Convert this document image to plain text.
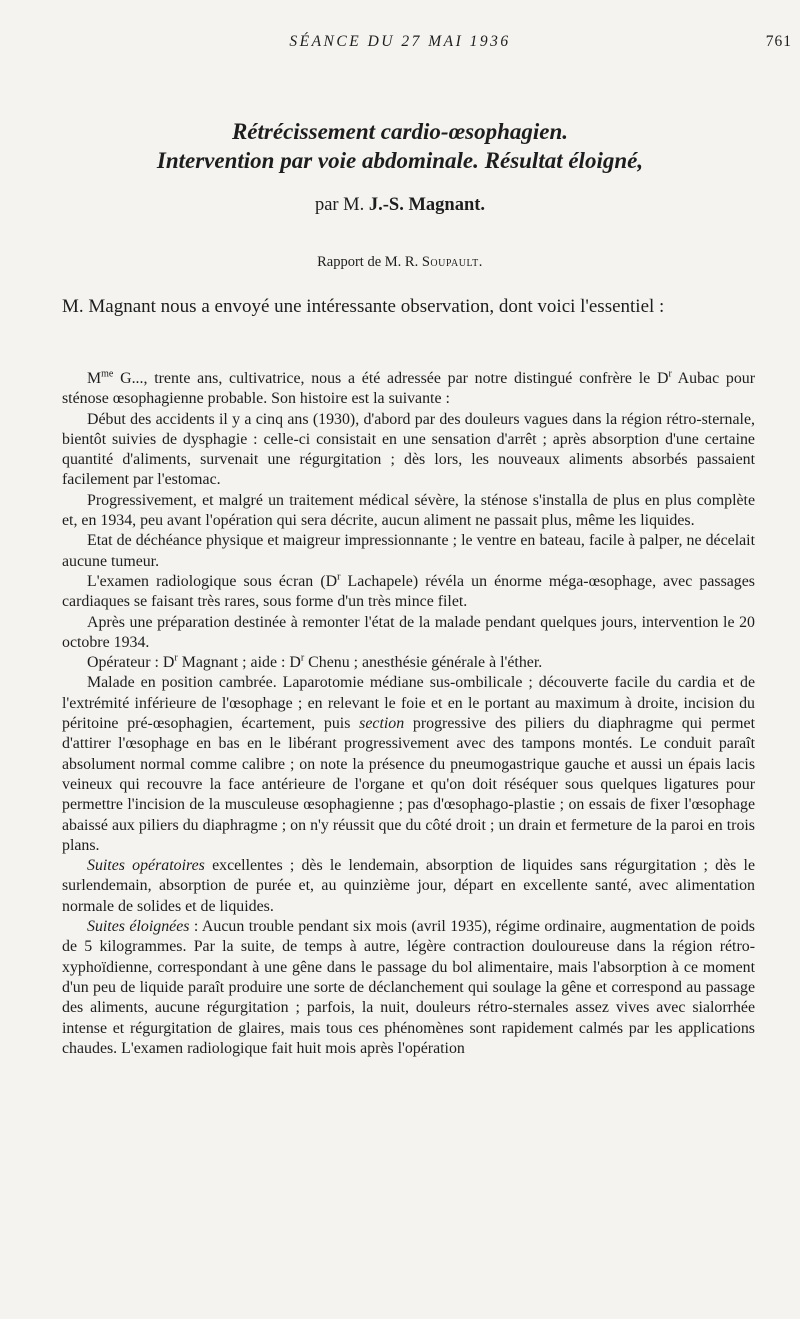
SÉANCE DU 27 MAI 1936	761
Rétrécissement cardio-œsophagien.
Intervention par voie abdominale. Résultat éloigné,
par M. J.-S. Magnant.
Rapport de M. R. Soupault.

M. Magnant nous a envoyé une intéressante observation, dont voici l'essentiel :

$M^{me}$ G..., trente ans, cultivatrice, nous a été adressée par notre distingué confrère le $D^r$ Aubac pour sténose œsophagienne probable. Son histoire est la suivante :

Début des accidents il y a cinq ans (1930), d'abord par des douleurs vagues dans la région rétro-sternale, bientôt suivies de dysphagie : celle-ci consistait en une sensation d'arrêt ; après absorption d'une certaine quantité d'aliments, survenait une régurgitation ; dès lors, les nouveaux aliments absorbés passaient facilement par l'estomac.

Progressivement, et malgré un traitement médical sévère, la sténose s'installa de plus en plus complète et, en 1934, peu avant l'opération qui sera décrite, aucun aliment ne passait plus, même les liquides.

Etat de déchéance physique et maigreur impressionnante ; le ventre en bateau, facile à palper, ne décelait aucune tumeur.

L'examen radiologique sous écran ($D^r$ Lachapele) révéla un énorme méga-œsophage, avec passages cardiaques se faisant très rares, sous forme d'un très mince filet.

Après une préparation destinée à remonter l'état de la malade pendant quelques jours, intervention le 20 octobre 1934.

Opérateur : $D^r$ Magnant ; aide : $D^r$ Chenu ; anesthésie générale à l'éther.

Malade en position cambrée. Laparotomie médiane sus-ombilicale ; découverte facile du cardia et de l'extrémité inférieure de l'œsophage ; en relevant le foie et en le portant au maximum à droite, incision du péritoine pré-œsophagien, écartement, puis section progressive des piliers du diaphragme qui permet d'attirer l'œsophage en bas en le libérant progressivement avec des tampons montés. Le conduit paraît absolument normal comme calibre ; on note la présence du pneumogastrique gauche et aussi un épais lacis veineux qui recouvre la face antérieure de l'organe et qu'on doit réséquer sous quelques ligatures pour permettre l'incision de la musculeuse œsophagienne ; pas d'œsophago-plastie ; on essais de fixer l'œsophage abaissé aux piliers du diaphragme ; on n'y réussit que du côté droit ; un drain et fermeture de la paroi en trois plans.

Suites opératoires excellentes ; dès le lendemain, absorption de liquides sans régurgitation ; dès le surlendemain, absorption de purée et, au quinzième jour, départ en excellente santé, avec alimentation normale de solides et de liquides.

Suites éloignées : Aucun trouble pendant six mois (avril 1935), régime ordinaire, augmentation de poids de 5 kilogrammes. Par la suite, de temps à autre, légère contraction douloureuse dans la région rétro-xyphoïdienne, correspondant à une gêne dans le passage du bol alimentaire, mais l'absorption à ce moment d'un peu de liquide paraît produire une sorte de déclanchement qui soulage la gêne et correspond au passage des aliments, aucune régurgitation ; parfois, la nuit, douleurs rétro-sternales assez vives avec sialorrhée intense et régurgitation de glaires, mais tous ces phénomènes sont rapidement calmés par les applications chaudes. L'examen radiologique fait huit mois après l'opération
